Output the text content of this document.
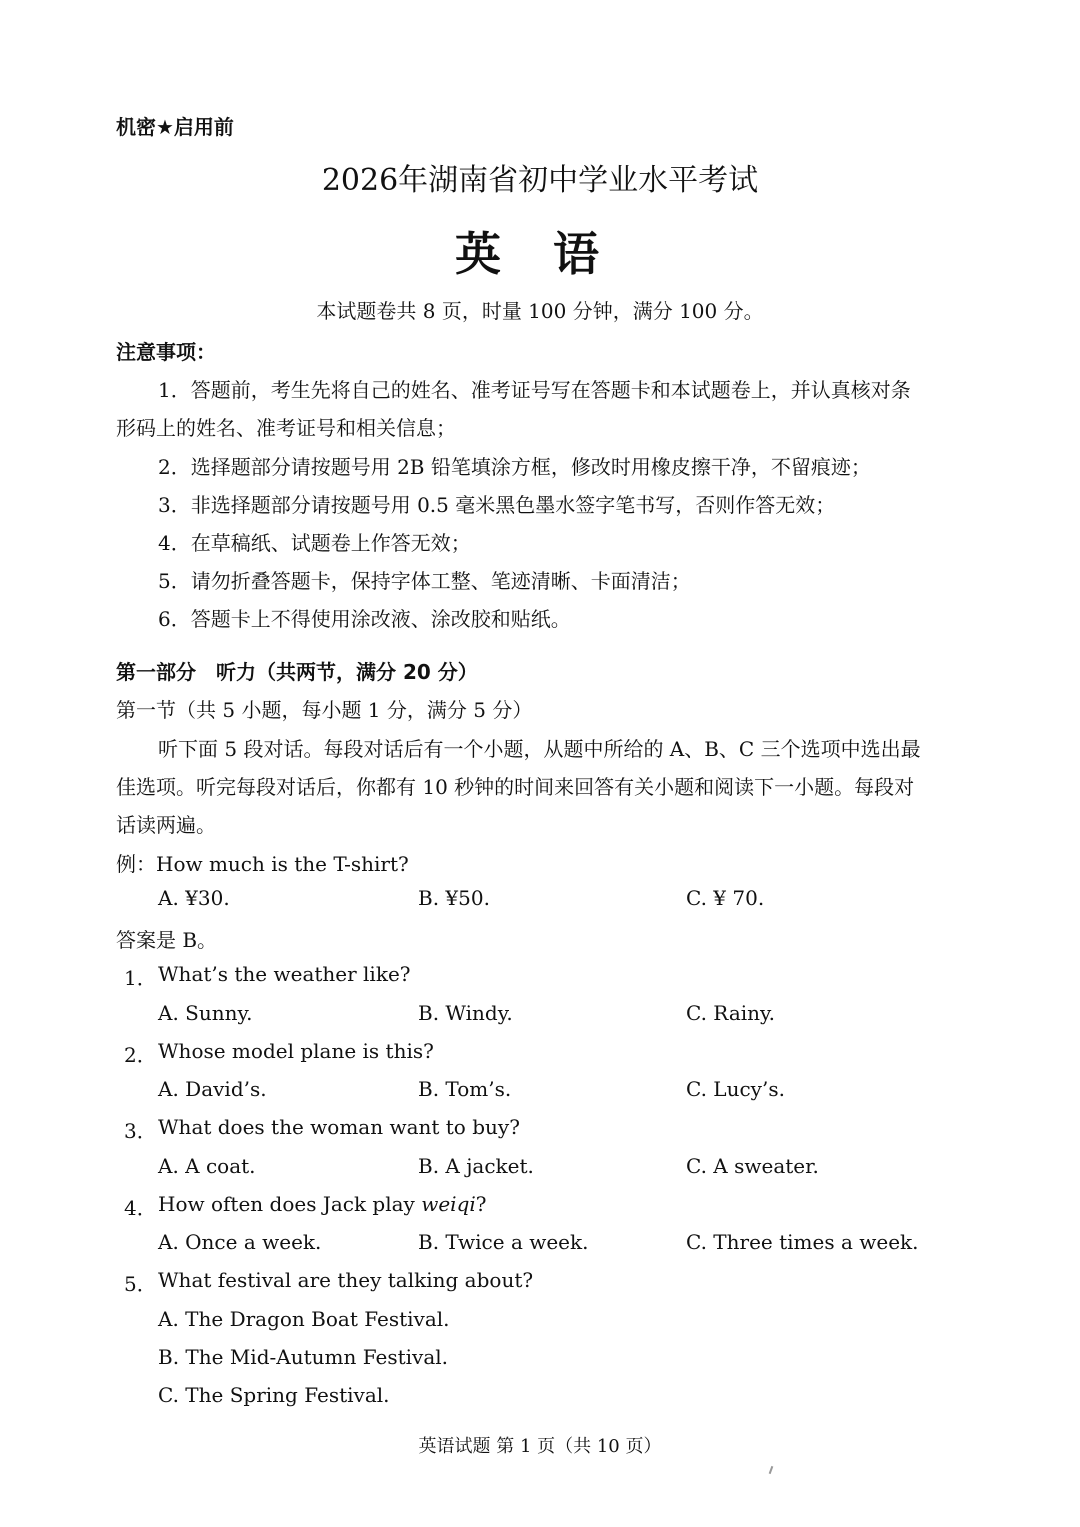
机密★启用前
2026年湖南省初中学业水平考试
英语
本试题卷共 8 页，时量 100 分钟，满分 100 分。
注意事项：
1．答题前，考生先将自己的姓名、准考证号写在答题卡和本试题卷上，并认真核对条
形码上的姓名、准考证号和相关信息；
2．选择题部分请按题号用 2B 铅笔填涂方框，修改时用橡皮擦干净，不留痕迹；
3．非选择题部分请按题号用 0.5 毫米黑色墨水签字笔书写，否则作答无效；
4．在草稿纸、试题卷上作答无效；
5．请勿折叠答题卡，保持字体工整、笔迹清晰、卡面清洁；
6．答题卡上不得使用涂改液、涂改胶和贴纸。
第一部分　听力（共两节，满分 20 分）
第一节（共 5 小题，每小题 1 分，满分 5 分）
听下面 5 段对话。每段对话后有一个小题，从题中所给的 A、B、C 三个选项中选出最
佳选项。听完每段对话后，你都有 10 秒钟的时间来回答有关小题和阅读下一小题。每段对
话读两遍。
例：How much is the T-shirt?
A. ¥30.	B. ¥50.	C. ¥ 70.
答案是 B。
1． What’s the weather like?
A. Sunny.	B. Windy.	C. Rainy.
2． Whose model plane is this?
A. David’s.	B. Tom’s.	C. Lucy’s.
3． What does the woman want to buy?
A. A coat.	B. A jacket.	C. A sweater.
4． How often does Jack play weiqi?
A. Once a week.	B. Twice a week.	C. Three times a week.
5． What festival are they talking about?
A. The Dragon Boat Festival.
B. The Mid-Autumn Festival.
C. The Spring Festival.
英语试题 第 1 页（共 10 页）
